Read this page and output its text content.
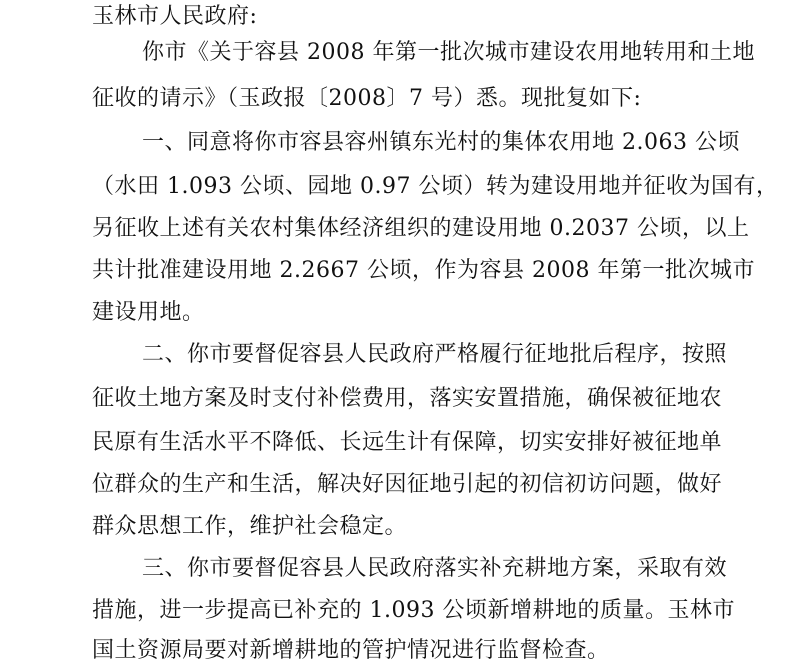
玉林市人民政府:
你市《关于容县 2008 年第一批次城市建设农用地转用和土地
征收的请示》（玉政报〔2008〕7 号）悉。现批复如下:
一、同意将你市容县容州镇东光村的集体农用地 2.063 公顷
（水田 1.093 公顷、园地 0.97 公顷）转为建设用地并征收为国有，
另征收上述有关农村集体经济组织的建设用地 0.2037 公顷，以上
共计批准建设用地 2.2667 公顷，作为容县 2008 年第一批次城市
建设用地。
二、你市要督促容县人民政府严格履行征地批后程序，按照
征收土地方案及时支付补偿费用，落实安置措施，确保被征地农
民原有生活水平不降低、长远生计有保障，切实安排好被征地单
位群众的生产和生活，解决好因征地引起的初信初访问题，做好
群众思想工作，维护社会稳定。
三、你市要督促容县人民政府落实补充耕地方案，采取有效
措施，进一步提高已补充的 1.093 公顷新增耕地的质量。玉林市
国土资源局要对新增耕地的管护情况进行监督检查。
